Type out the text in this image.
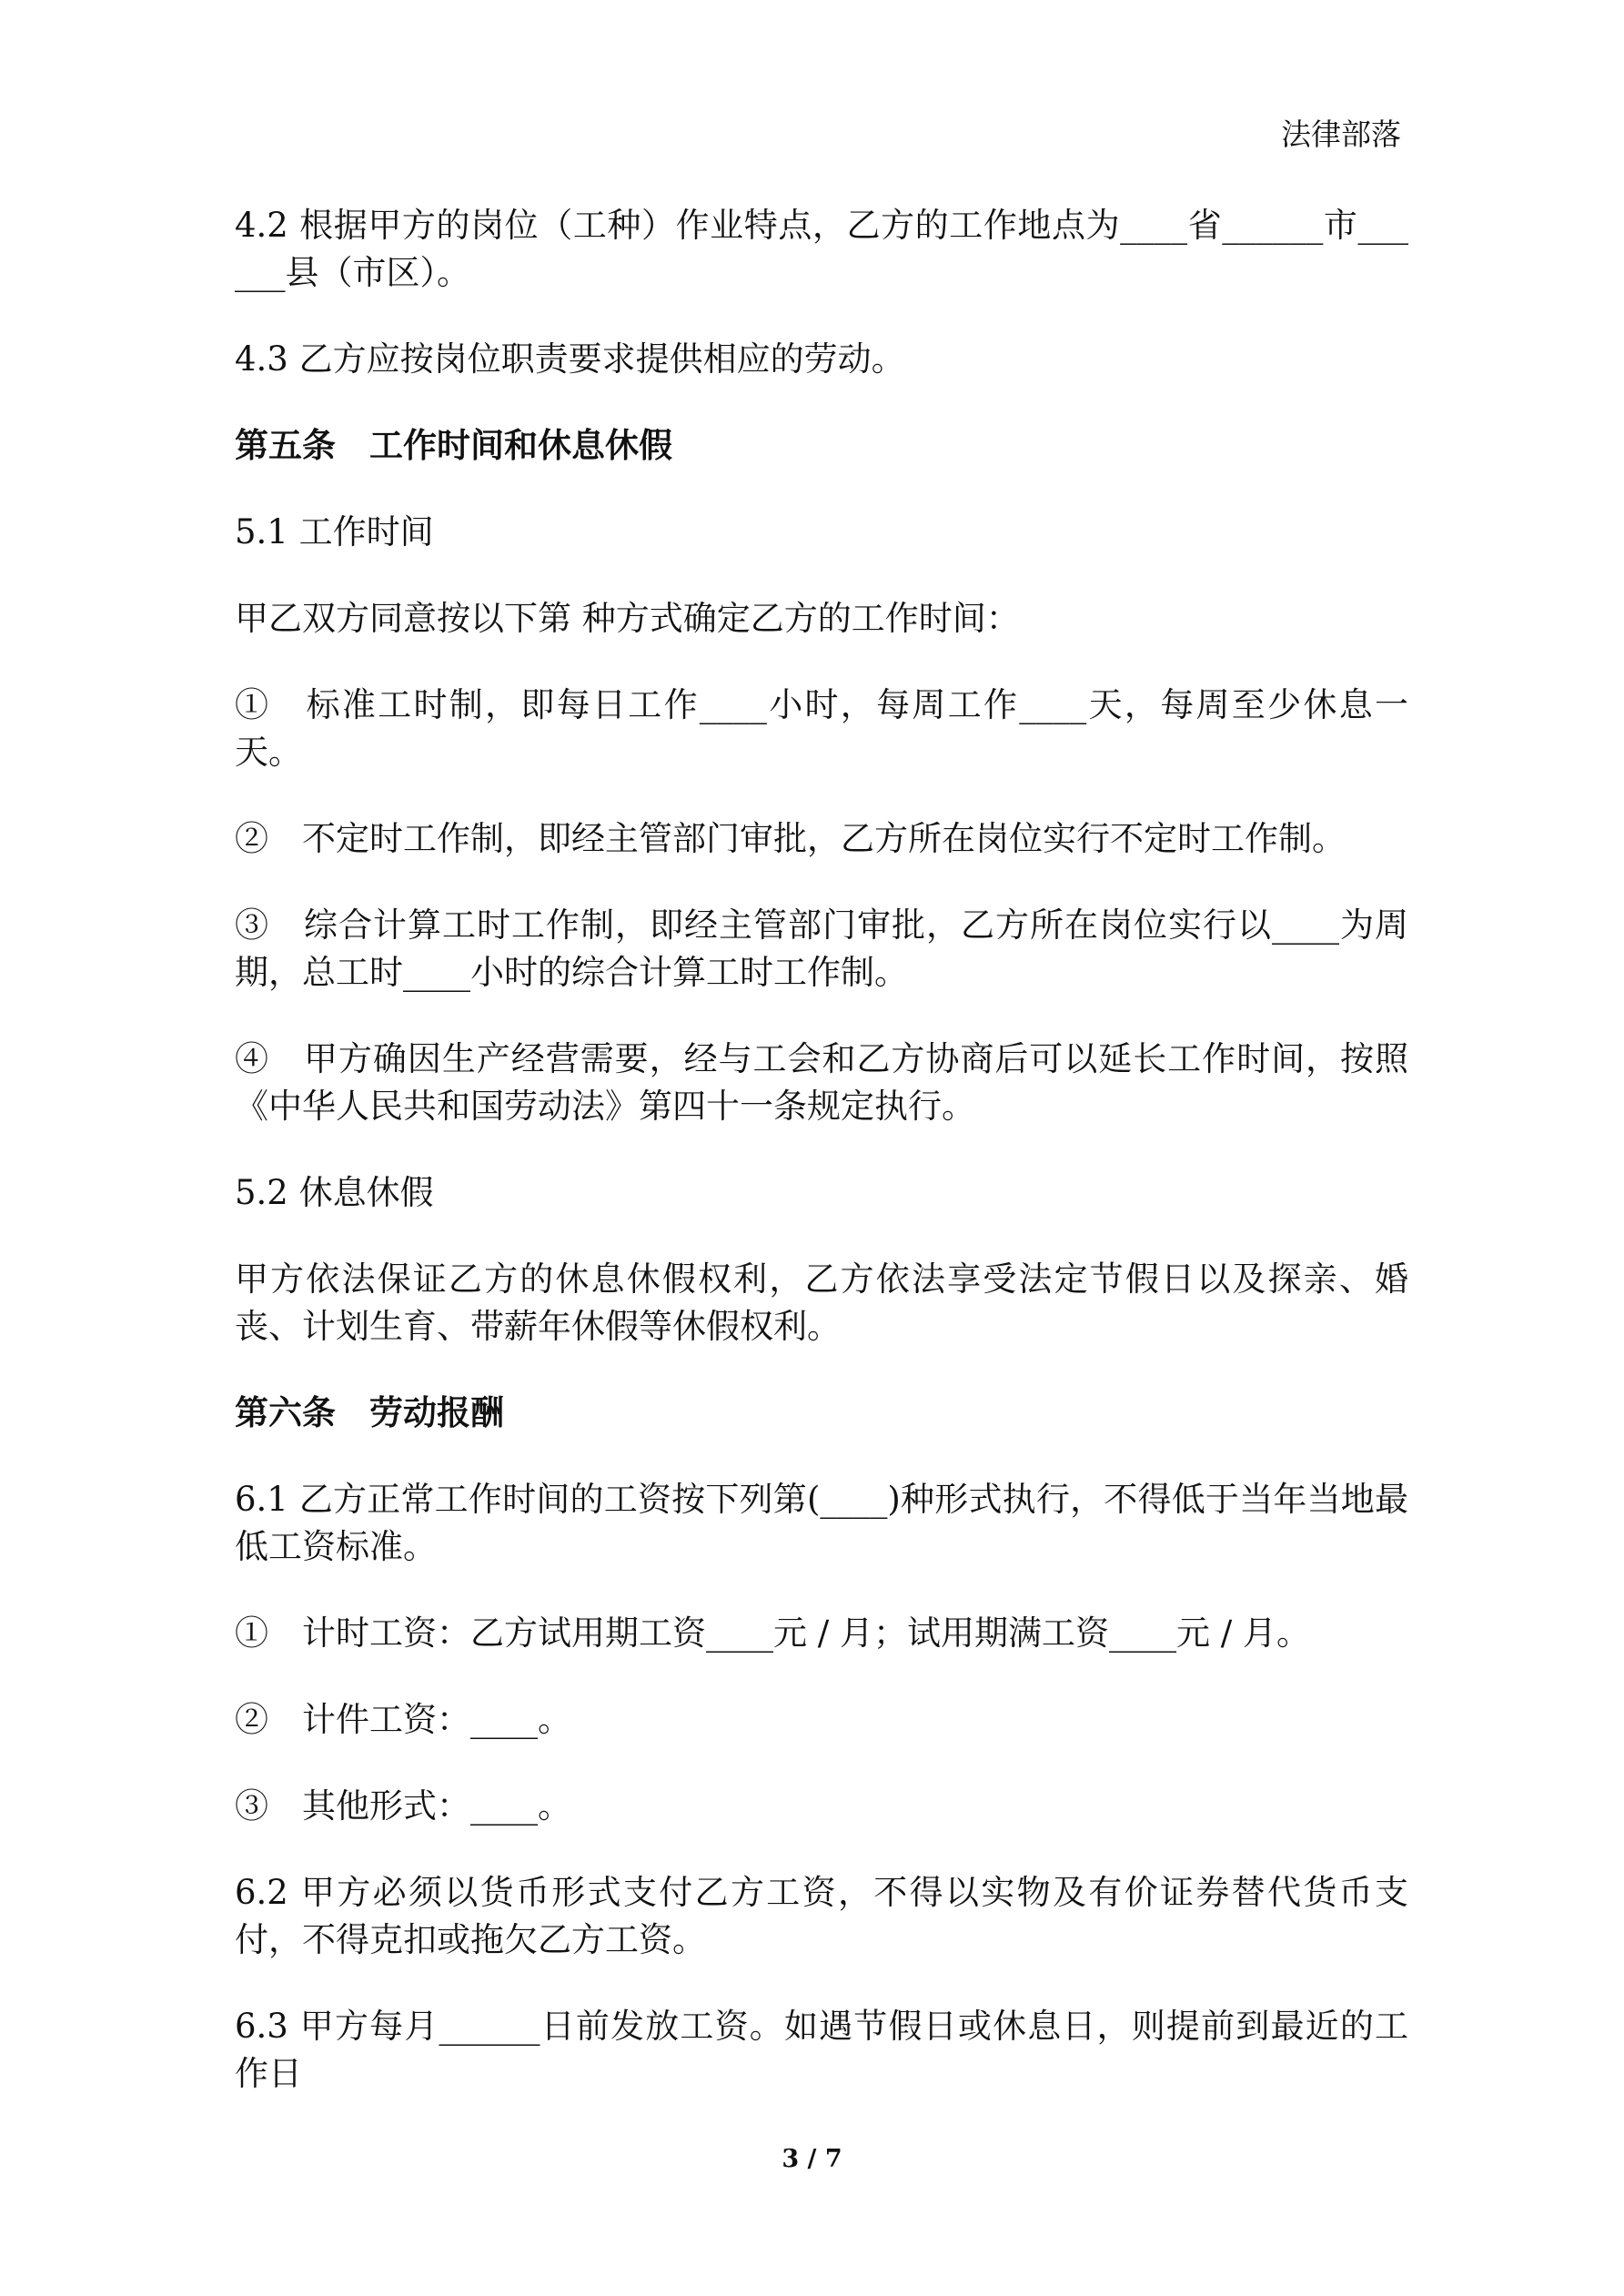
法律部落

4.2 根据甲方的岗位（工种）作业特点，乙方的工作地点为____省______市______县（市区）。

4.3 乙方应按岗位职责要求提供相应的劳动。

第五条　工作时间和休息休假

5.1 工作时间

甲乙双方同意按以下第 种方式确定乙方的工作时间：

①　标准工时制，即每日工作____小时，每周工作____天，每周至少休息一天。

②　不定时工作制，即经主管部门审批，乙方所在岗位实行不定时工作制。

③　综合计算工时工作制，即经主管部门审批，乙方所在岗位实行以____为周期，总工时____小时的综合计算工时工作制。

④　甲方确因生产经营需要，经与工会和乙方协商后可以延长工作时间，按照《中华人民共和国劳动法》第四十一条规定执行。

5.2 休息休假

甲方依法保证乙方的休息休假权利，乙方依法享受法定节假日以及探亲、婚丧、计划生育、带薪年休假等休假权利。

第六条　劳动报酬

6.1 乙方正常工作时间的工资按下列第(____)种形式执行，不得低于当年当地最低工资标准。

①　计时工资：乙方试用期工资____元 / 月；试用期满工资____元 / 月。

②　计件工资：____。

③　其他形式：____。

6.2 甲方必须以货币形式支付乙方工资，不得以实物及有价证券替代货币支付，不得克扣或拖欠乙方工资。

6.3 甲方每月______日前发放工资。如遇节假日或休息日，则提前到最近的工作日

3 / 7
